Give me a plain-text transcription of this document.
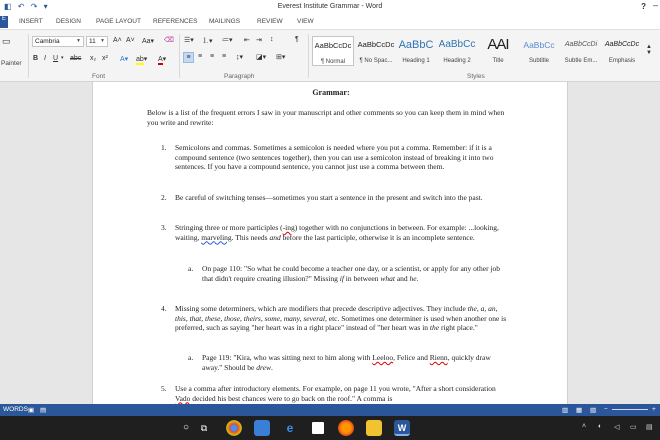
◧ ↶ ↷ ▾	Everest Institute Grammar - Word	? –
E	INSERT DESIGN PAGE LAYOUT REFERENCES MAILINGS	REVIEW VIEW
Painter
▭	Cambria	▼	11 ▼ A˄ A˅ Aa▾ ⌫
B I U ▾ abc x₂ x² A▾ ab▾ A▾
Font
☰▾ ⒈▾ ≔▾ ⇤ ⇥ ↕	¶
≡	≡ ≡ ≡ ↨▾ ◪▾ ⊞▾
Paragraph
AaBbCcDc
¶ Normal
AaBbCcDc
¶ No Spac...
AaBbC
Heading 1
AaBbCc
Heading 2
AAI
Title
AaBbCc
Subtitle
AaBbCcDi
Subtle Em...
AaBbCcDc
Emphasis
▲
▼
Styles
Grammar:
Below is a list of the frequent errors I saw in your manuscript and other comments so you can keep them in mind when you write and rewrite:
1. Semicolons and commas. Sometimes a semicolon is needed where you put a comma. Remember: if it is a compound sentence (two sentences together), then you can use a semicolon instead of breaking it into two sentences. If you have a compound sentence, you cannot just use a comma between them.
2. Be careful of switching tenses—sometimes you start a sentence in the present and switch into the past.
3. Stringing three or more participles (-ing) together with no conjunctions in between. For example: ...looking, waiting, marveling. This needs and before the last participle, otherwise it is an incomplete sentence.
a. On page 110: "So what he could become a teacher one day, or a scientist, or apply for any other job that didn't require creating illusion?" Missing if in between what and he.
4. Missing some determiners, which are modifiers that precede descriptive adjectives. They include the, a, an, this, that, these, those, theirs, some, many, several, etc. Sometimes one determiner is used when another one is preferred, such as saying "her heart was in a right place" instead of "her heart was in the right place."
a. Page 119: "Kira, who was sitting next to him along with Leeloo, Felice and Rienn, quickly draw away." Should be drew.
5. Use a comma after introductory elements. For example, on page 11 you wrote, "After a short consideration Vado decided his best chances were to go back on the roof." A comma is
WORDS ▣ ▤	▥ ▦ ▧ −	+
○	⧉	e	W	˄ ◐ ◁ ▭ ▤
